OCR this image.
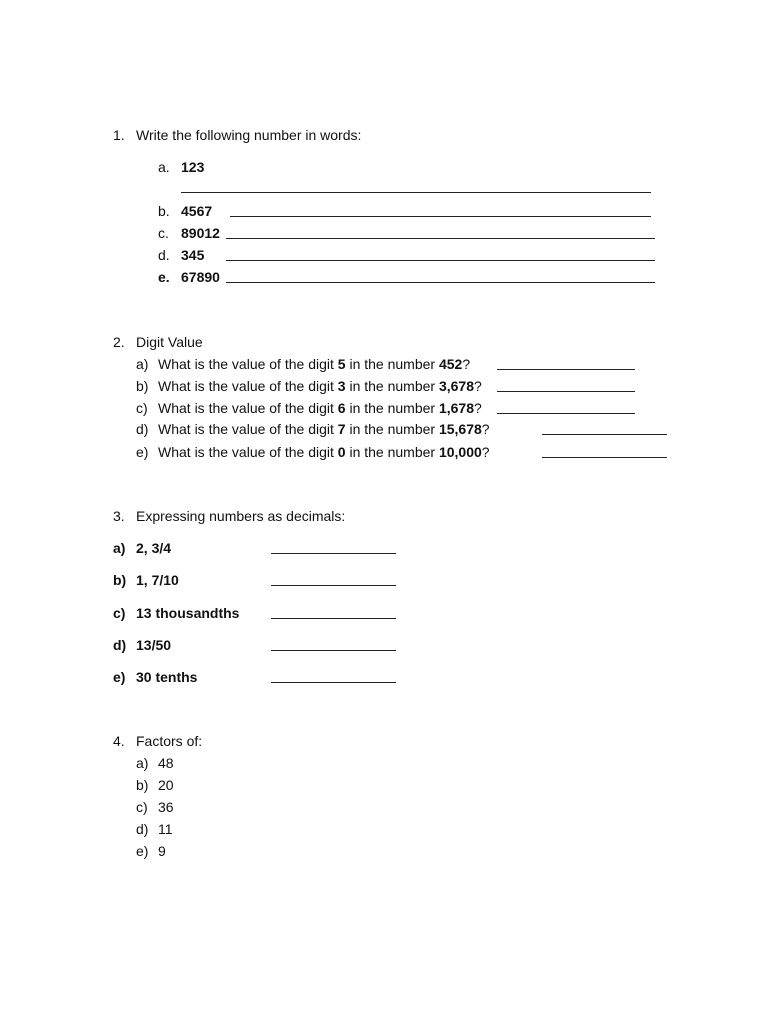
1. Write the following number in words:
a. 123
b. 4567
c. 89012
d. 345
e. 67890
2. Digit Value
a) What is the value of the digit 5 in the number 452?
b) What is the value of the digit 3 in the number 3,678?
c) What is the value of the digit 6 in the number 1,678?
d) What is the value of the digit 7 in the number 15,678?
e) What is the value of the digit 0 in the number 10,000?
3. Expressing numbers as decimals:
a) 2, 3/4
b) 1, 7/10
c) 13 thousandths
d) 13/50
e) 30 tenths
4. Factors of:
a) 48
b) 20
c) 36
d) 11
e) 9
